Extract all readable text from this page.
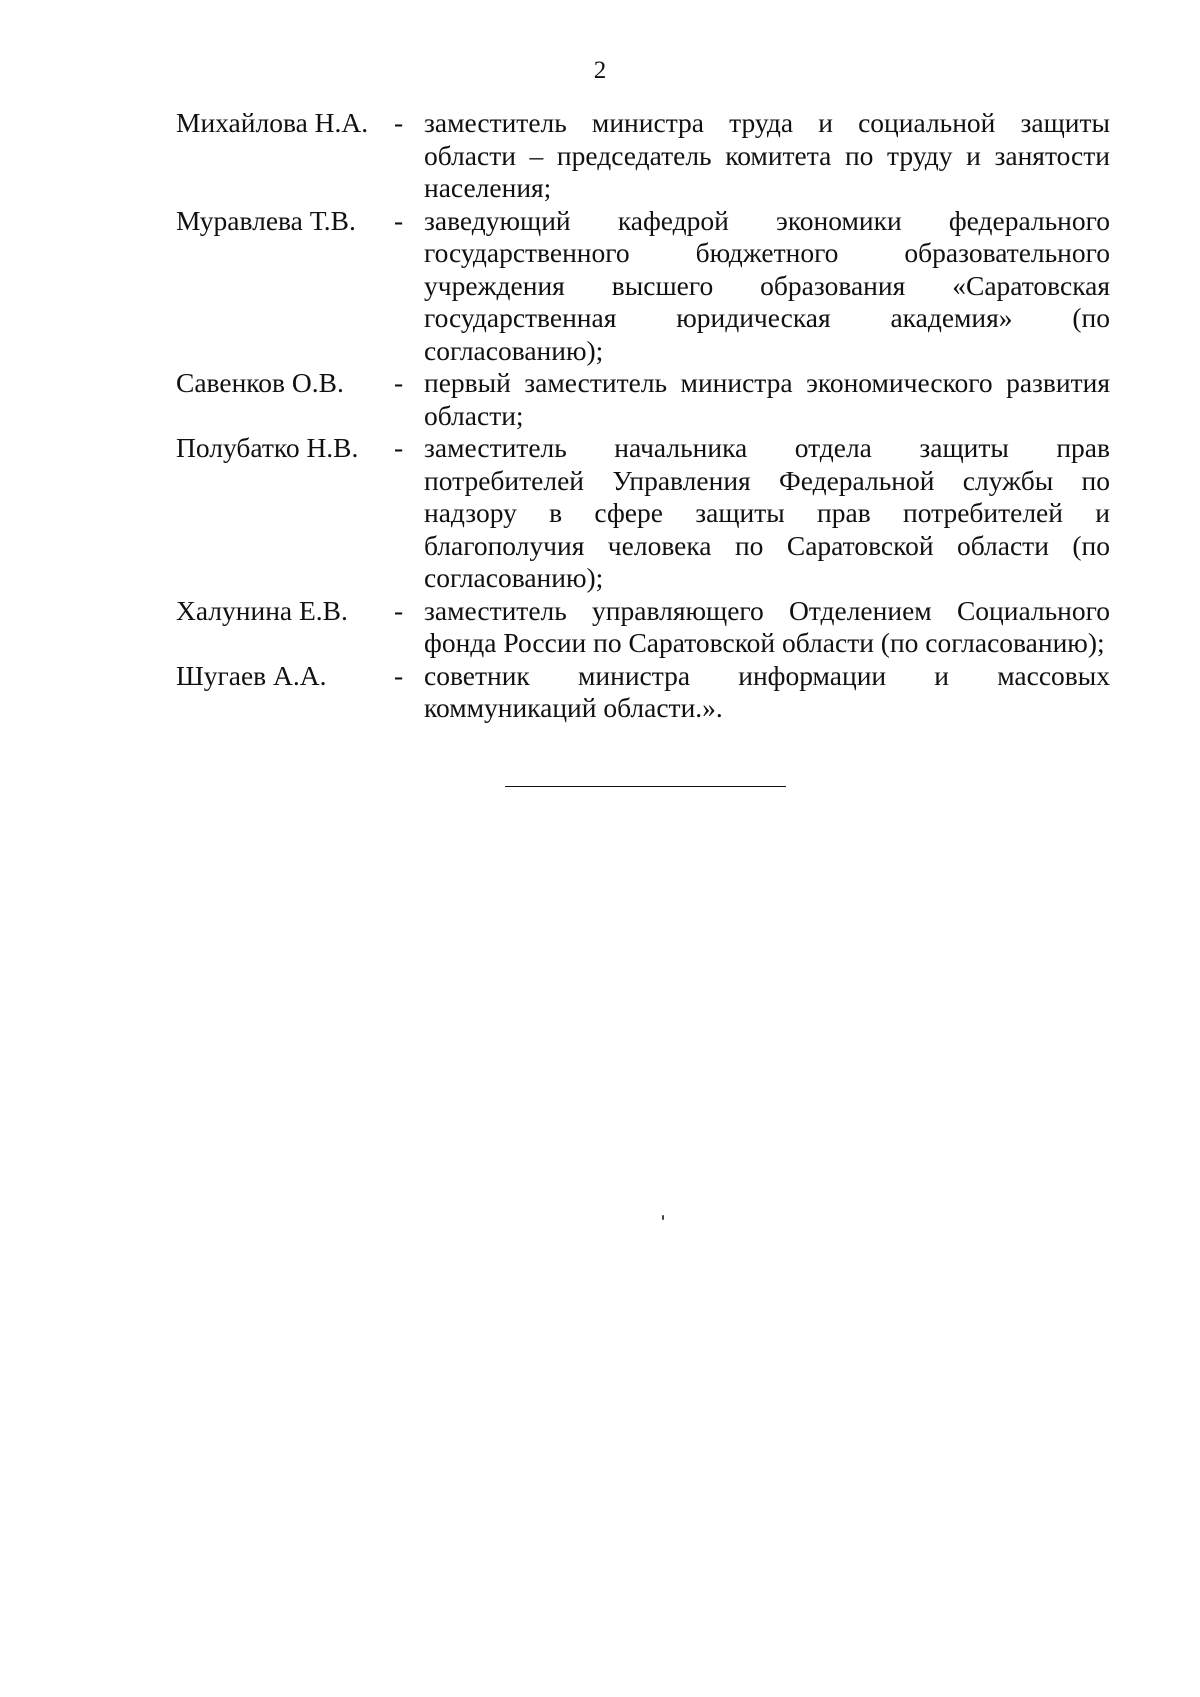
2
Михайлова Н.А. - заместитель министра труда и социальной защиты области – председатель комитета по труду и занятости населения;
Муравлева Т.В.	- заведующий кафедрой экономики федерального государственного бюджетного образовательного учреждения высшего образования «Саратовская государственная юридическая академия» (по согласованию);
Савенков О.В.	- первый заместитель министра экономического развития области;
Полубатко Н.В.	- заместитель начальника отдела защиты прав потребителей Управления Федеральной службы по надзору в сфере защиты прав потребителей и благополучия человека по Саратовской области (по согласованию);
Халунина Е.В.	- заместитель управляющего Отделением Социального фонда России по Саратовской области (по согласованию);
Шугаев А.А.	- советник министра информации и массовых коммуникаций области.».
